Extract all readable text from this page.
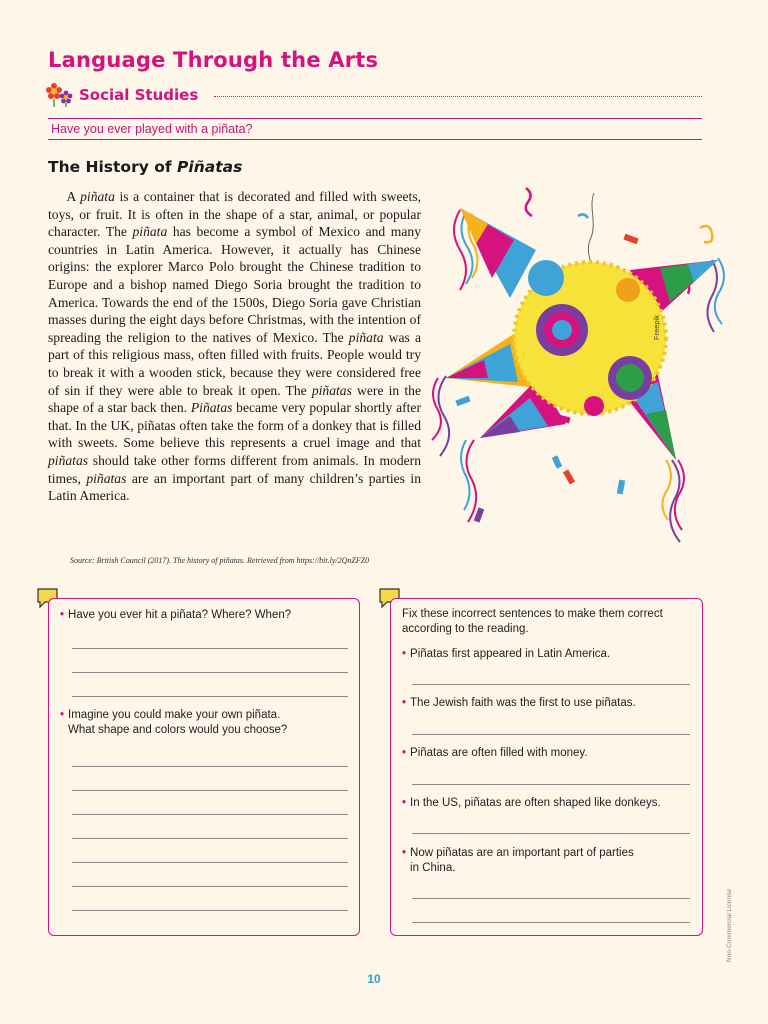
Language Through the Arts
Social Studies
Have you ever played with a piñata?
The History of Piñatas

A piñata is a container that is decorated and filled with sweets, toys, or fruit. It is often in the shape of a star, animal, or popular character. The piñata has become a symbol of Mexico and many countries in Latin America. However, it actually has Chinese origins: the explorer Marco Polo brought the Chinese tradition to Europe and a bishop named Diego Soria brought the tradition to America. Towards the end of the 1500s, Diego Soria gave Christian masses during the eight days before Christmas, with the intention of spreading the religion to the natives of Mexico. The piñata was a part of this religious mass, often filled with fruits. People would try to break it with a wooden stick, because they were considered free of sin if they were able to break it open. The piñatas were in the shape of a star back then. Piñatas became very popular shortly after that. In the UK, piñatas often take the form of a donkey that is filled with sweets. Some believe this represents a cruel image and that piñatas should take other forms different from animals. In modern times, piñatas are an important part of many children’s parties in Latin America.

Source: British Council (2017). The history of piñatas. Retrieved from https://bit.ly/2QnZFZ0
Freepik
• Have you ever hit a piñata? Where? When?
• Imagine you could make your own piñata.
What shape and colors would you choose?
Fix these incorrect sentences to make them correct
according to the reading.
• Piñatas first appeared in Latin America.
• The Jewish faith was the first to use piñatas.
• Piñatas are often filled with money.
• In the US, piñatas are often shaped like donkeys.
• Now piñatas are an important part of parties
in China.
10
Non-Commercial License
